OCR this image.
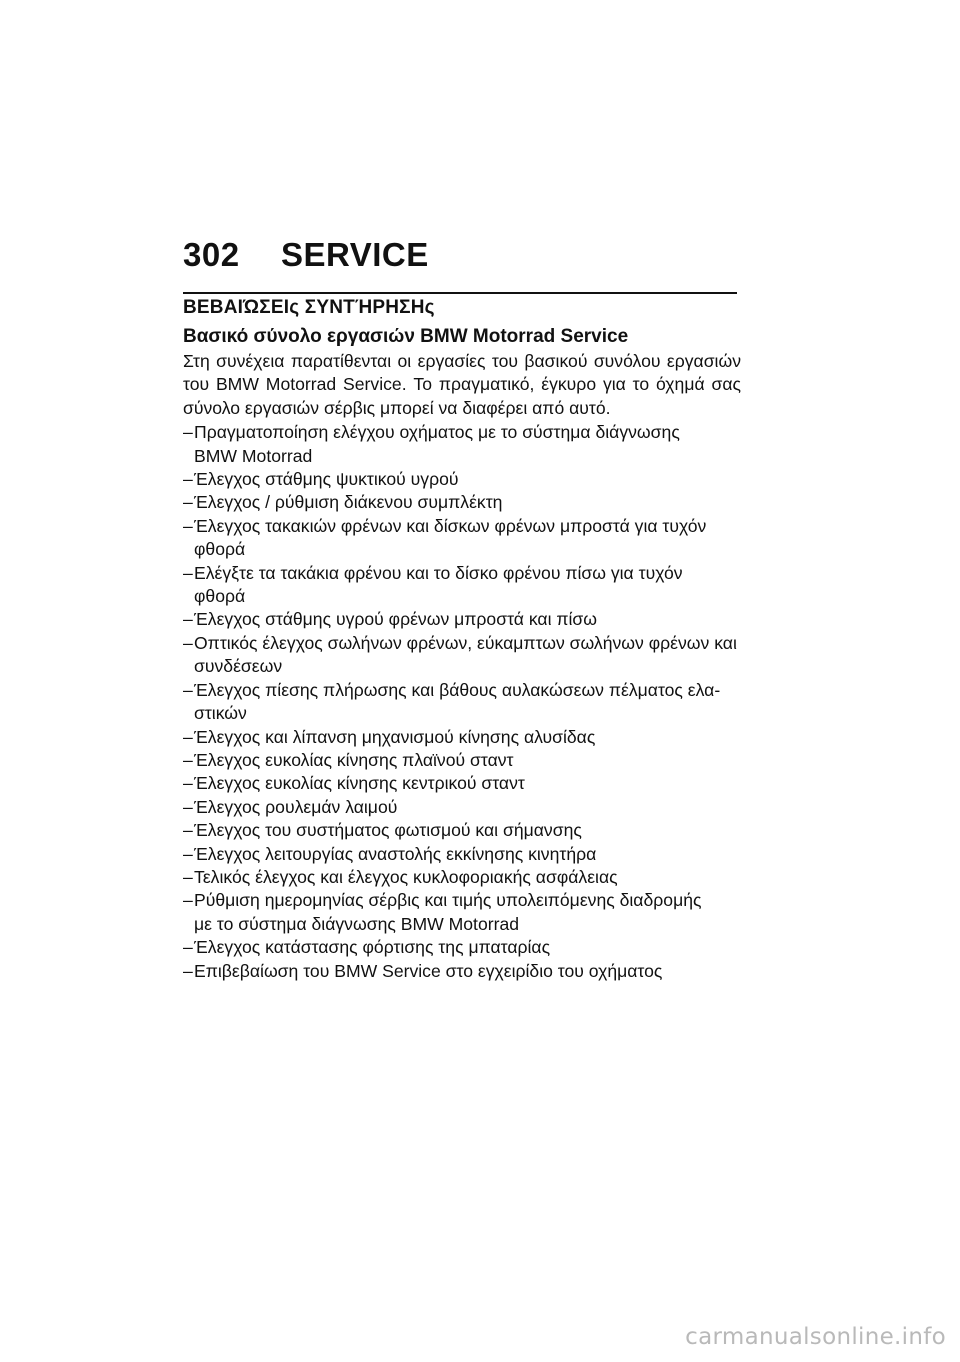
302	SERVICE
ΒΕΒΑΙΏΣΕΙς ΣΥΝΤΉΡΗΣΗς
Βασικό σύνολο εργασιών BMW Motorrad Service

Στη συνέχεια παρατίθενται οι εργασίες του βασικού συνόλου εργασιών του BMW Motorrad Service. Το πραγματικό, έγκυρο για το όχημά σας σύνολο εργασιών σέρβις μπορεί να διαφέρει από αυτό.

– Πραγματοποίηση ελέγχου οχήματος με το σύστημα διάγνωσης
BMW Motorrad
– Έλεγχος στάθμης ψυκτικού υγρού
– Έλεγχος / ρύθμιση διάκενου συμπλέκτη
– Έλεγχος τακακιών φρένων και δίσκων φρένων μπροστά για τυχόν
φθορά
– Ελέγξτε τα τακάκια φρένου και το δίσκο φρένου πίσω για τυχόν
φθορά
– Έλεγχος στάθμης υγρού φρένων μπροστά και πίσω
– Οπτικός έλεγχος σωλήνων φρένων, εύκαμπτων σωλήνων φρένων και
συνδέσεων
– Έλεγχος πίεσης πλήρωσης και βάθους αυλακώσεων πέλματος ελα-
στικών
– Έλεγχος και λίπανση μηχανισμού κίνησης αλυσίδας
– Έλεγχος ευκολίας κίνησης πλαϊνού σταντ
– Έλεγχος ευκολίας κίνησης κεντρικού σταντ
– Έλεγχος ρουλεμάν λαιμού
– Έλεγχος του συστήματος φωτισμού και σήμανσης
– Έλεγχος λειτουργίας αναστολής εκκίνησης κινητήρα
– Τελικός έλεγχος και έλεγχος κυκλοφοριακής ασφάλειας
– Ρύθμιση ημερομηνίας σέρβις και τιμής υπολειπόμενης διαδρομής
με το σύστημα διάγνωσης BMW Motorrad
– Έλεγχος κατάστασης φόρτισης της μπαταρίας
– Επιβεβαίωση του BMW Service στο εγχειρίδιο του οχήματος
carmanualsonline.info
